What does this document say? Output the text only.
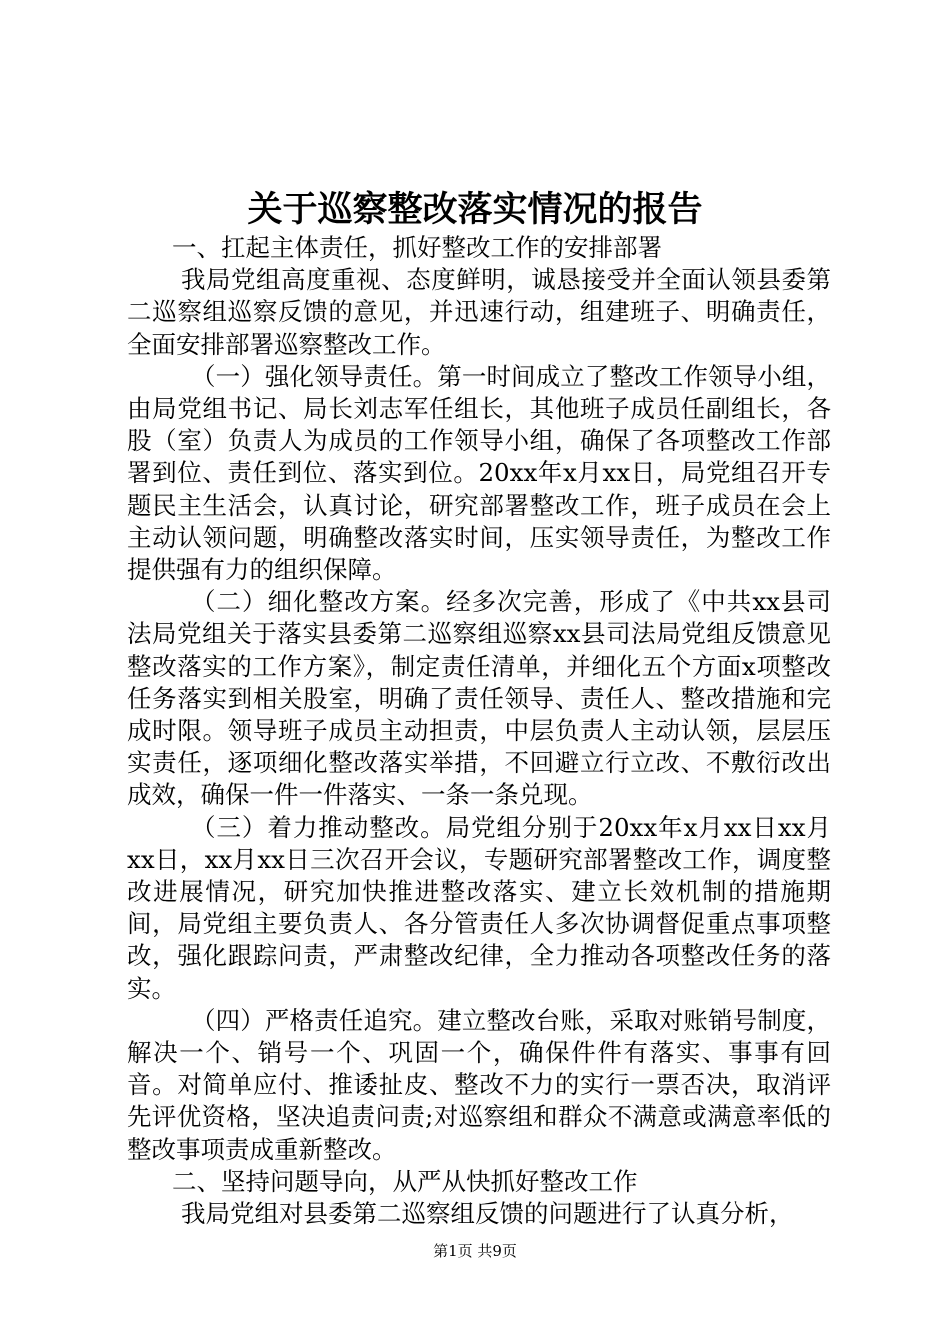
关于巡察整改落实情况的报告

一、扛起主体责任，抓好整改工作的安排部署

我局党组高度重视、态度鲜明，诚恳接受并全面认领县委第二巡察组巡察反馈的意见，并迅速行动，组建班子、明确责任，全面安排部署巡察整改工作。

（一）强化领导责任。第一时间成立了整改工作领导小组，由局党组书记、局长刘志军任组长，其他班子成员任副组长，各股（室）负责人为成员的工作领导小组，确保了各项整改工作部署到位、责任到位、落实到位。20xx年x月xx日，局党组召开专题民主生活会，认真讨论，研究部署整改工作，班子成员在会上主动认领问题，明确整改落实时间，压实领导责任，为整改工作提供强有力的组织保障。

（二）细化整改方案。经多次完善，形成了《中共xx县司法局党组关于落实县委第二巡察组巡察xx县司法局党组反馈意见整改落实的工作方案》，制定责任清单，并细化五个方面x项整改任务落实到相关股室，明确了责任领导、责任人、整改措施和完成时限。领导班子成员主动担责，中层负责人主动认领，层层压实责任，逐项细化整改落实举措，不回避立行立改、不敷衍改出成效，确保一件一件落实、一条一条兑现。

（三）着力推动整改。局党组分别于20xx年x月xx日xx月xx日，xx月xx日三次召开会议，专题研究部署整改工作，调度整改进展情况，研究加快推进整改落实、建立长效机制的措施期间，局党组主要负责人、各分管责任人多次协调督促重点事项整改，强化跟踪问责，严肃整改纪律，全力推动各项整改任务的落实。

（四）严格责任追究。建立整改台账，采取对账销号制度，解决一个、销号一个、巩固一个，确保件件有落实、事事有回音。对简单应付、推诿扯皮、整改不力的实行一票否决，取消评先评优资格，坚决追责问责;对巡察组和群众不满意或满意率低的整改事项责成重新整改。

二、坚持问题导向，从严从快抓好整改工作

我局党组对县委第二巡察组反馈的问题进行了认真分析，

第1页 共9页
